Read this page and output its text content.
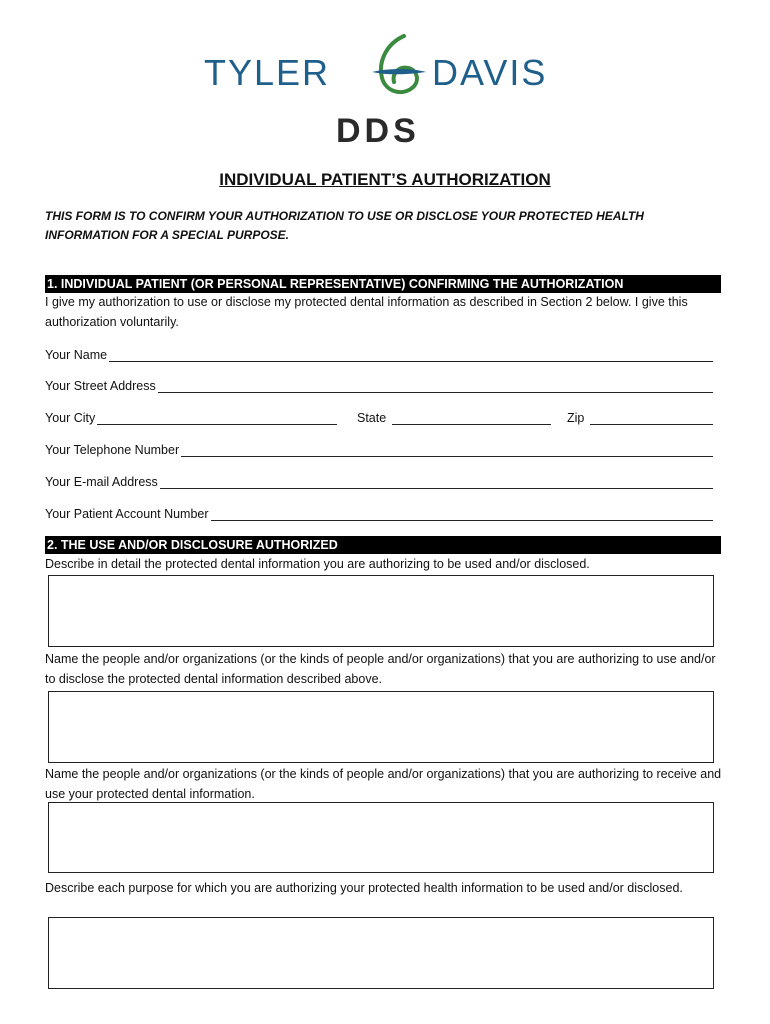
TYLER	DAVIS
DDS
INDIVIDUAL PATIENT’S AUTHORIZATION
THIS FORM IS TO CONFIRM YOUR AUTHORIZATION TO USE OR DISCLOSE YOUR PROTECTED HEALTH INFORMATION FOR A SPECIAL PURPOSE.
1. INDIVIDUAL PATIENT (OR PERSONAL REPRESENTATIVE) CONFIRMING THE AUTHORIZATION
I give my authorization to use or disclose my protected dental information as described in Section 2 below. I give this authorization voluntarily.
Your Name
Your Street Address
Your City	State	Zip
Your Telephone Number
Your E-mail Address
Your Patient Account Number
2. THE USE AND/OR DISCLOSURE AUTHORIZED
Describe in detail the protected dental information you are authorizing to be used and/or disclosed.
Name the people and/or organizations (or the kinds of people and/or organizations) that you are authorizing to use and/or to disclose the protected dental information described above.
Name the people and/or organizations (or the kinds of people and/or organizations) that you are authorizing to receive and use your protected dental information.
Describe each purpose for which you are authorizing your protected health information to be used and/or disclosed.
